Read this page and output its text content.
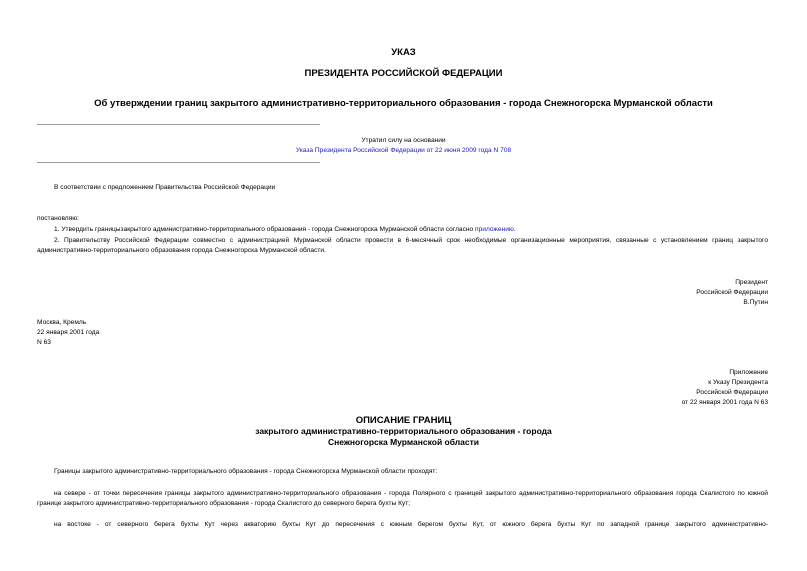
УКАЗ
ПРЕЗИДЕНТА РОССИЙСКОЙ ФЕДЕРАЦИИ
Об утверждении границ закрытого административно-территориального образования - города Снежногорска Мурманской области
Утратил силу на основании
Указа Президента Российской Федерации от 22 июня 2009 года N 708
В соответствии с предложением Правительства Российской Федерации
постановляю:
1. Утвердить границызакрытого административно-территориального образования - города Снежногорска Мурманской области согласно приложению.
2. Правительству Российской Федерации совместно с администрацией Мурманской области провести в 6-месячный срок необходимые организационные мероприятия, связанные с установлением границ закрытого административно-территориального образования города Снежногорска Мурманской области.
Президент
Российской Федерации
В.Путин
Москва, Кремль
22 января 2001 года
N 63
Приложение
к Указу Президента
Российской Федерации
от 22 января 2001 года N 63
ОПИСАНИЕ ГРАНИЦ
закрытого административно-территориального образования - города
Снежногорска Мурманской области
Границы закрытого административно-территориального образования - города Снежногорска Мурманской области проходят:
на севере - от точки пересечения границы закрытого административно-территориального образования - города Полярного с границей закрытого административно-территориального образования города Скалистого по южной границе закрытого административно-территориального образования - города Скалистого до северного берега бухты Кут;
на востоке - от северного берега бухты Кут через акваторию бухты Кут до пересечения с южным берегом бухты Кут, от южного берега бухты Кут по западной границе закрытого административно-
